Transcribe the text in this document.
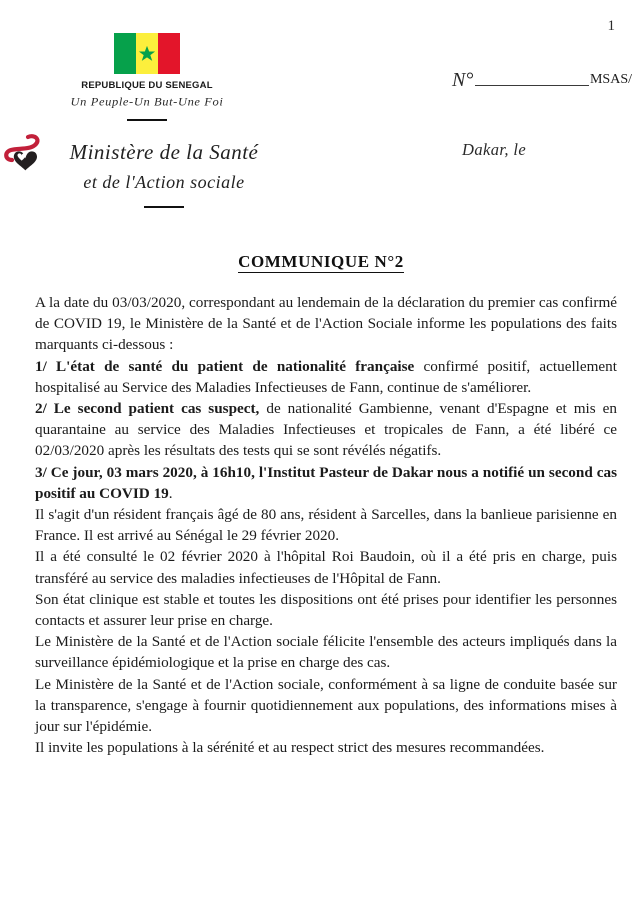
1
REPUBLIQUE DU SENEGAL
Un Peuple-Un But-Une Foi
Ministère de la Santé
et de l'Action sociale
N°	MSAS/
Dakar, le
COMMUNIQUE N°2

A la date du 03/03/2020, correspondant au lendemain de la déclaration du premier cas confirmé de COVID 19, le Ministère de la Santé et de l'Action Sociale informe les populations des faits marquants ci-dessous :

1/ L'état de santé du patient de nationalité française confirmé positif, actuellement hospitalisé au Service des Maladies Infectieuses de Fann, continue de s'améliorer.

2/ Le second patient cas suspect, de nationalité Gambienne, venant d'Espagne et mis en quarantaine au service des Maladies Infectieuses et tropicales de Fann, a été libéré ce 02/03/2020 après les résultats des tests qui se sont révélés négatifs.

3/ Ce jour, 03 mars 2020, à 16h10, l'Institut Pasteur de Dakar nous a notifié un second cas positif au COVID 19.

Il s'agit d'un résident français âgé de 80 ans, résident à Sarcelles, dans la banlieue parisienne en France. Il est arrivé au Sénégal le 29 février 2020.

Il a été consulté le 02 février 2020 à l'hôpital Roi Baudoin, où il a été pris en charge, puis transféré au service des maladies infectieuses de l'Hôpital de Fann.

Son état clinique est stable et toutes les dispositions ont été prises pour identifier les personnes contacts et assurer leur prise en charge.

Le Ministère de la Santé et de l'Action sociale félicite l'ensemble des acteurs impliqués dans la surveillance épidémiologique et la prise en charge des cas.

Le Ministère de la Santé et de l'Action sociale, conformément à sa ligne de conduite basée sur la transparence, s'engage à fournir quotidiennement aux populations, des informations mises à jour sur l'épidémie.

Il invite les populations à la sérénité et au respect strict des mesures recommandées.
